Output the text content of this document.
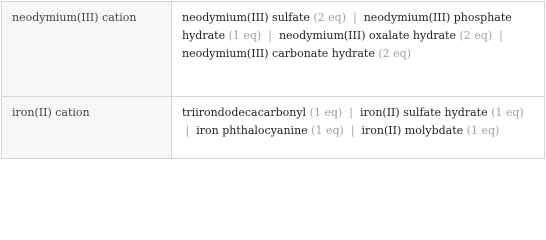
neodymium(III) cation	neodymium(III) sulfate (2 eq) | neodymium(III) phosphate hydrate (1 eq) | neodymium(III) oxalate hydrate (2 eq) |  neodymium(III) carbonate hydrate (2 eq)
iron(II) cation	triirondodecacarbonyl (1 eq) | iron(II) sulfate hydrate (1 eq)  | iron phthalocyanine (1 eq) | iron(II) molybdate (1 eq)
